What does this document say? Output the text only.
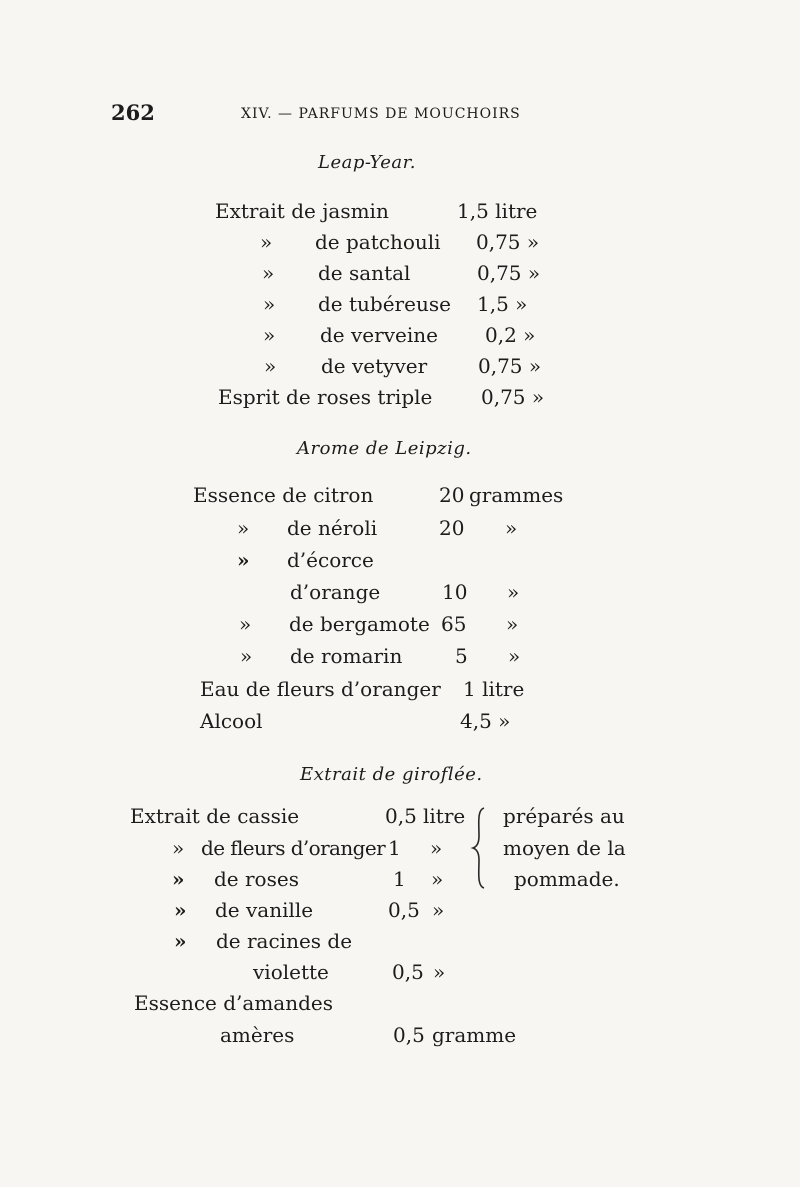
262	XIV. — PARFUMS DE MOUCHOIRS
Leap-Year.
Extrait de jasmin	1,5 litre
» de patchouli 0,75 »
» de santal	0,75 »
» de tubéreuse 1,5 »
» de verveine 0,2 »
» de vetyver	0,75 »
Esprit de roses triple 0,75 »
Arome de Leipzig.
Essence de citron	20 grammes
» de néroli	20 »
» d’écorce
d’orange	10 »
» de bergamote 65 »
» de romarin	5 »
Eau de fleurs d’oranger 1 litre
Alcool	4,5 »
Extrait de giroflée.
Extrait de cassie	0,5 litre
» de fleurs d’oranger 1 »
» de roses	1 »
» de vanille	0,5 »
» de racines de
violette	0,5 »
Essence d’amandes
amères	0,5 gramme
préparés au
moyen de la
pommade.
